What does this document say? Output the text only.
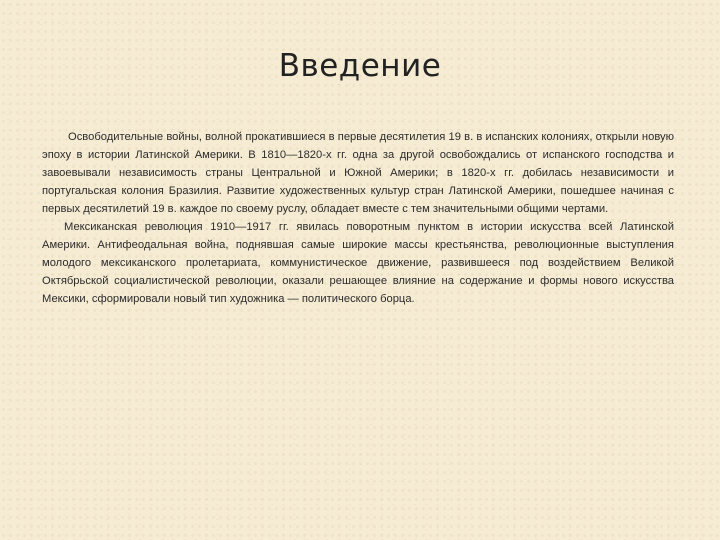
Введение

Освободительные войны, волной прокатившиеся в первые десятилетия 19 в. в испанских колониях, открыли новую эпоху в истории Латинской Америки. В 1810—1820-х гг. одна за другой освобождались от испанского господства и завоевывали независимость страны Центральной и Южной Америки; в 1820-х гг. добилась независимости и португальская колония Бразилия. Развитие художественных культур стран Латинской Америки, пошедшее начиная с первых десятилетий 19 в. каждое по своему руслу, обладает вместе с тем значительными общими чертами.

Мексиканская революция 1910—1917 гг. явилась поворотным пунктом в истории искусства всей Латинской Америки. Антифеодальная война, поднявшая самые широкие массы крестьянства, революционные выступления молодого мексиканского пролетариата, коммунистическое движение, развившееся под воздействием Великой Октябрьской социалистической революции, оказали решающее влияние на содержание и формы нового искусства Мексики, сформировали новый тип художника — политического борца.
